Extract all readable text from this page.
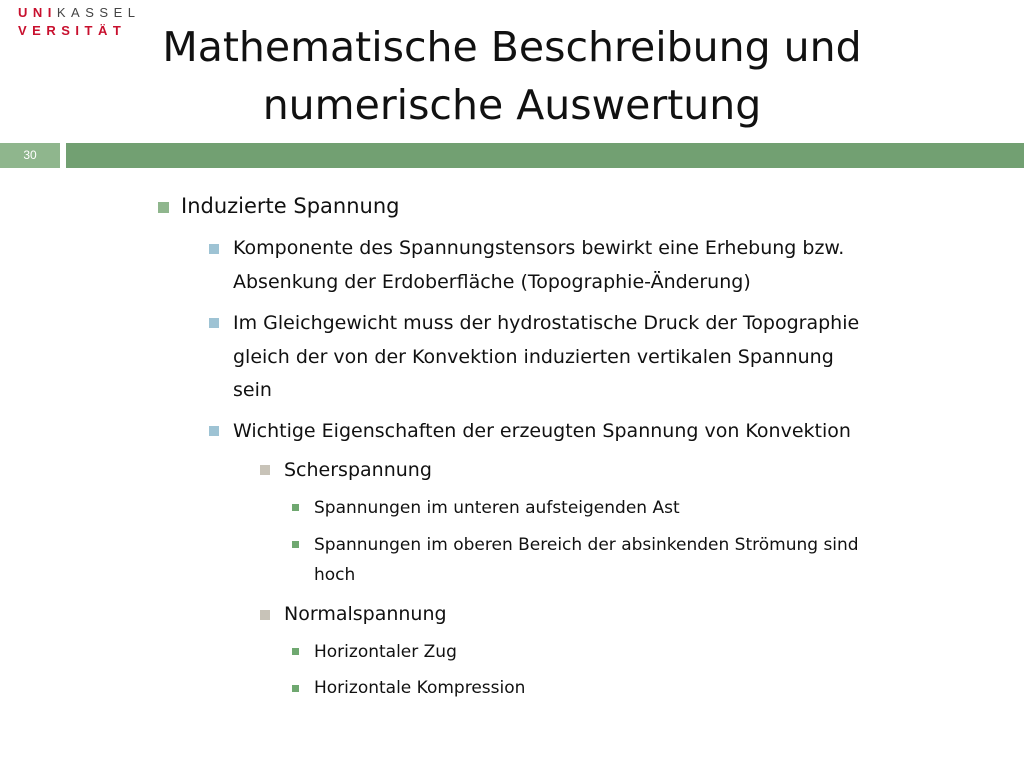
UNIKASSEL
VERSITÄT Mathematische Beschreibung und
numerische Auswertung
30
Induzierte Spannung
Komponente des Spannungstensors bewirkt eine Erhebung bzw.
Absenkung der Erdoberfläche (Topographie-Änderung)
Im Gleichgewicht muss der hydrostatische Druck der Topographie
gleich der von der Konvektion induzierten vertikalen Spannung
sein
Wichtige Eigenschaften der erzeugten Spannung von Konvektion
Scherspannung
Spannungen im unteren aufsteigenden Ast
Spannungen im oberen Bereich der absinkenden Strömung sind
hoch
Normalspannung
Horizontaler Zug
Horizontale Kompression
